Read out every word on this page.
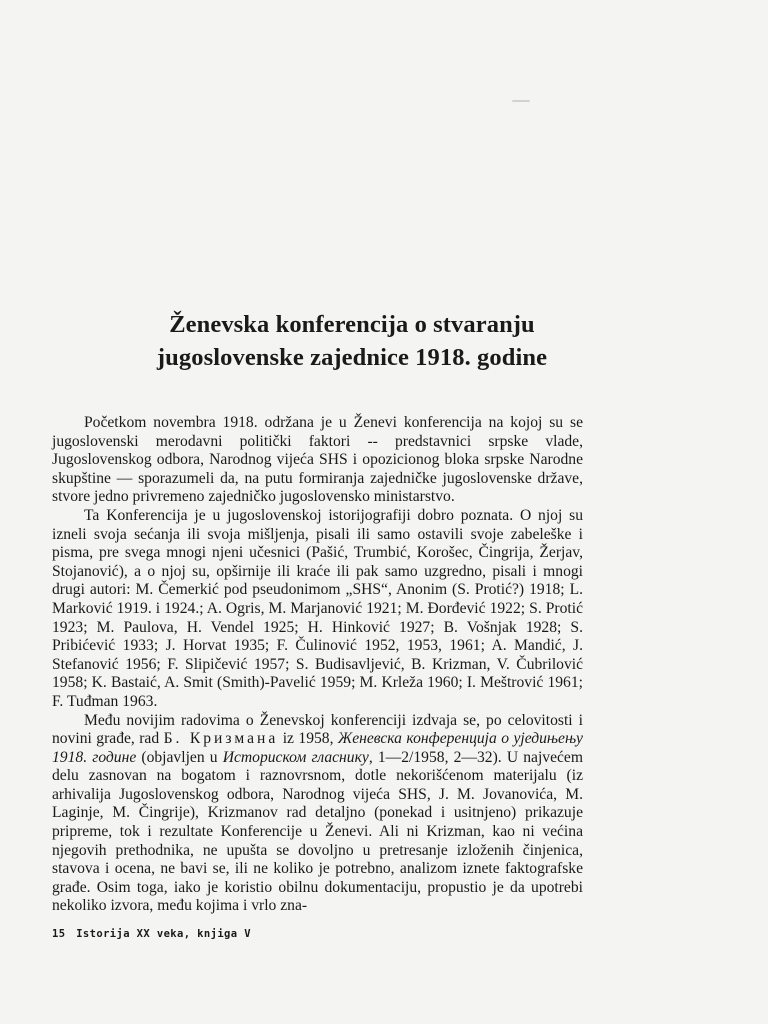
Ženevska konferencija o stvaranju
jugoslovenske zajednice 1918. godine

Početkom novembra 1918. održana je u Ženevi konferencija na kojoj su se jugoslovenski merodavni politički faktori -- predstavnici srpske vlade, Jugoslovenskog odbora, Narodnog vijeća SHS i opozicionog bloka srpske Narodne skupštine — sporazumeli da, na putu formiranja zajedničke jugoslovenske države, stvore jedno privremeno zajedničko jugoslovensko ministarstvo.

Ta Konferencija je u jugoslovenskoj istorijografiji dobro poznata. O njoj su izneli svoja sećanja ili svoja mišljenja, pisali ili samo ostavili svoje zabeleške i pisma, pre svega mnogi njeni učesnici (Pašić, Trumbić, Korošec, Čingrija, Žerjav, Stojanović), a o njoj su, opširnije ili kraće ili pak samo uzgredno, pisali i mnogi drugi autori: M. Čemerkić pod pseudonimom „SHS“, Anonim (S. Protić?) 1918; L. Marković 1919. i 1924.; A. Ogris, M. Marjanović 1921; M. Đorđević 1922; S. Protić 1923; M. Paulova, H. Vendel 1925; H. Hinković 1927; B. Vošnjak 1928; S. Pribićević 1933; J. Horvat 1935; F. Čulinović 1952, 1953, 1961; A. Mandić, J. Stefanović 1956; F. Slipičević 1957; S. Budisavljević, B. Krizman, V. Čubrilović 1958; K. Bastaić, A. Smit (Smith)-Pavelić 1959; M. Krleža 1960; I. Meštrović 1961; F. Tuđman 1963.

Među novijim radovima o Ženevskoj konferenciji izdvaja se, po celovitosti i novini građe, rad Б. Кризмана iz 1958, Женевска конференција о уједињењу 1918. године (objavljen u Историском гласнику, 1—2/1958, 2—32). U najvećem delu zasnovan na bogatom i raznovrsnom, dotle nekorišćenom materijalu (iz arhivalija Jugoslovenskog odbora, Narodnog vijeća SHS, J. M. Jovanovića, M. Laginje, M. Čingrije), Krizmanov rad detaljno (ponekad i usitnjeno) prikazuje pripreme, tok i rezultate Konferencije u Ženevi. Ali ni Krizman, kao ni većina njegovih prethodnika, ne upušta se dovoljno u pretresanje izloženih činjenica, stavova i ocena, ne bavi se, ili ne koliko je potrebno, analizom iznete faktografske građe. Osim toga, iako je koristio obilnu dokumentaciju, propustio je da upotrebi nekoliko izvora, među kojima i vrlo zna-

15 Istorija XX veka, knjiga V
